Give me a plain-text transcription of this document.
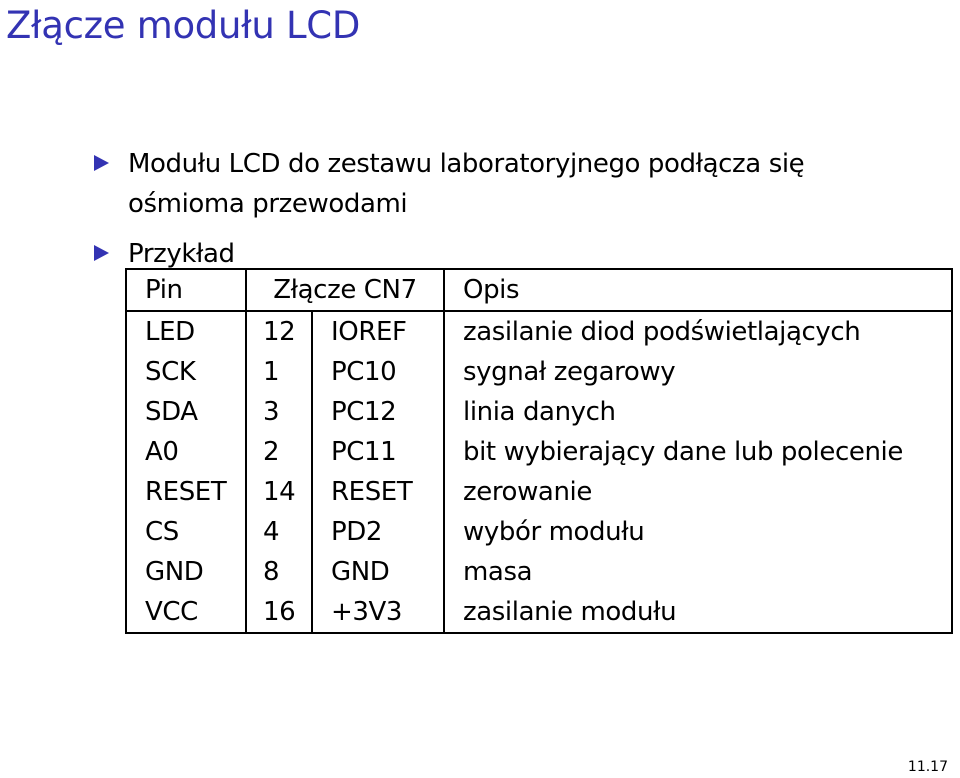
Złącze modułu LCD
Modułu LCD do zestawu laboratoryjnego podłącza się
ośmioma przewodami
Przykład
Pin	Złącze CN7		Opis
LED	12	IOREF	zasilanie diod podświetlających
SCK	1	PC10	sygnał zegarowy
SDA	3	PC12	linia danych
A0	2	PC11	bit wybierający dane lub polecenie
RESET	14	RESET	zerowanie
CS	4	PD2	wybór modułu
GND	8	GND	masa
VCC	16	+3V3	zasilanie modułu
11.17
